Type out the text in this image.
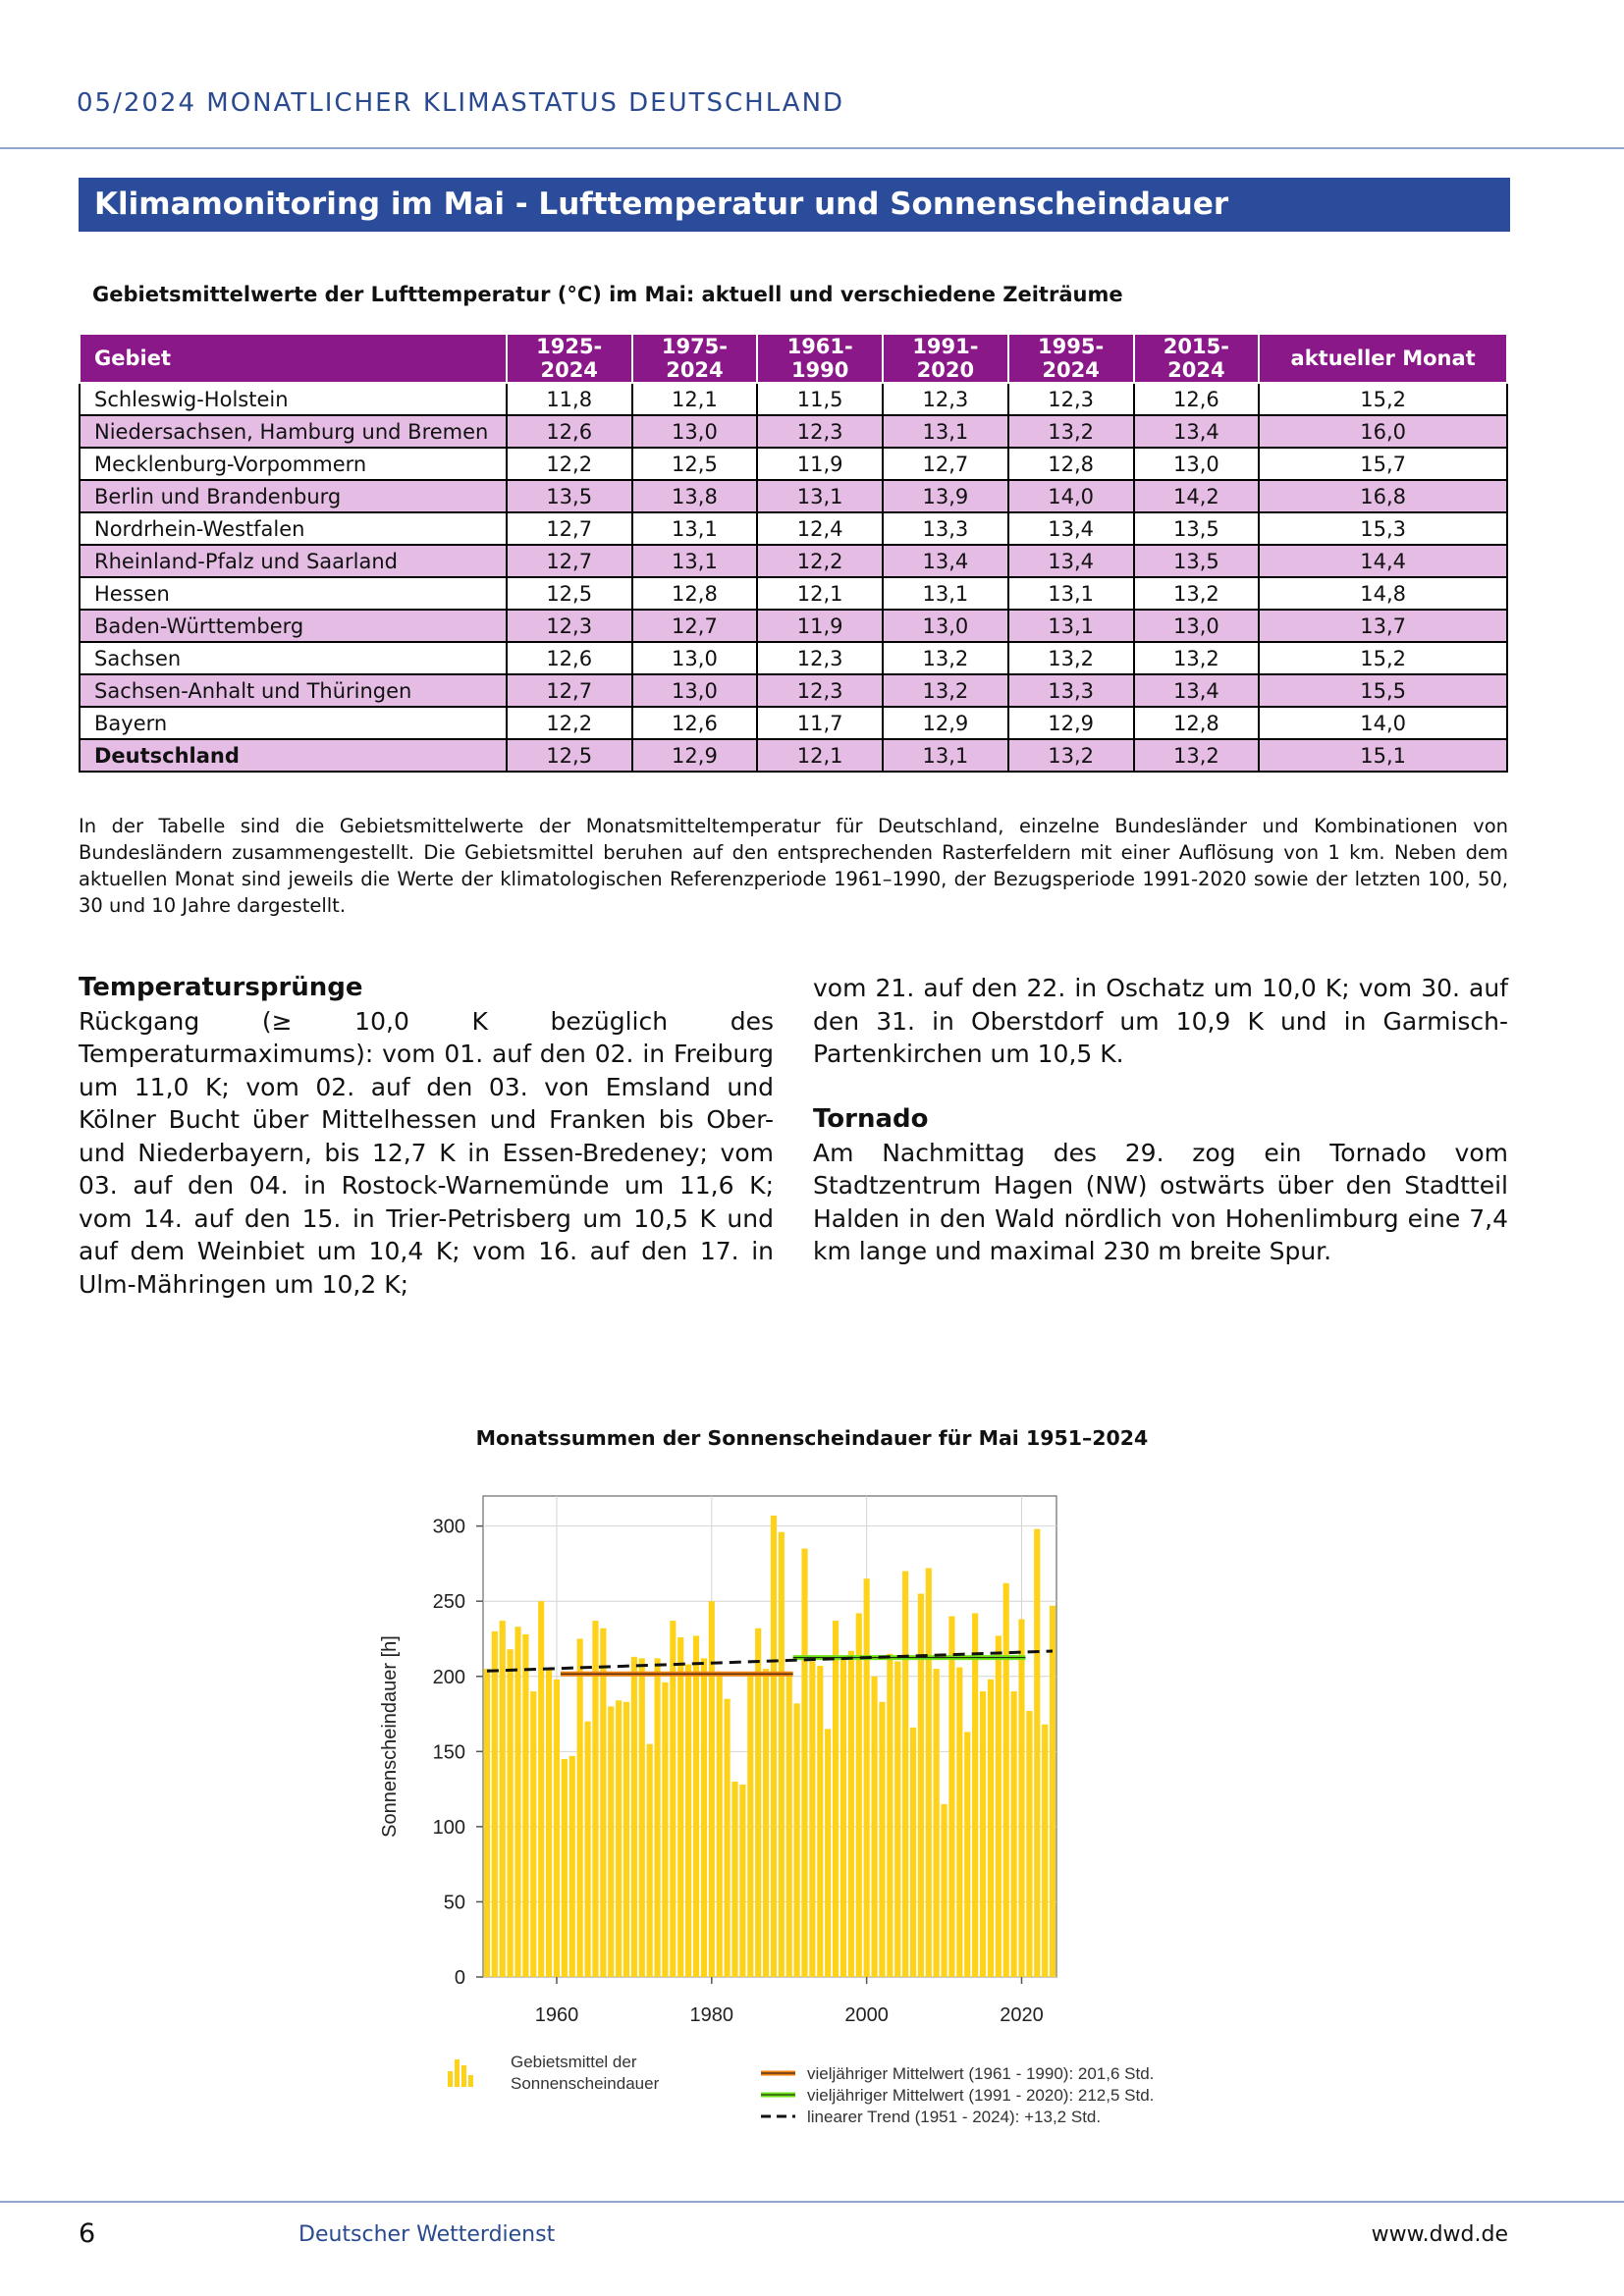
05/2024 MONATLICHER KLIMASTATUS DEUTSCHLAND
Klimamonitoring im Mai - Lufttemperatur und Sonnenscheindauer
Gebietsmittelwerte der Lufttemperatur (°C) im Mai: aktuell und verschiedene Zeiträume
Gebiet	1925-2024	1975-2024	1961-1990	1991-2020	1995-2024	2015-2024	aktueller Monat
Schleswig-Holstein	11,8	12,1	11,5	12,3	12,3	12,6	15,2
Niedersachsen, Hamburg und Bremen	12,6	13,0	12,3	13,1	13,2	13,4	16,0
Mecklenburg-Vorpommern	12,2	12,5	11,9	12,7	12,8	13,0	15,7
Berlin und Brandenburg	13,5	13,8	13,1	13,9	14,0	14,2	16,8
Nordrhein-Westfalen	12,7	13,1	12,4	13,3	13,4	13,5	15,3
Rheinland-Pfalz und Saarland	12,7	13,1	12,2	13,4	13,4	13,5	14,4
Hessen	12,5	12,8	12,1	13,1	13,1	13,2	14,8
Baden-Württemberg	12,3	12,7	11,9	13,0	13,1	13,0	13,7
Sachsen	12,6	13,0	12,3	13,2	13,2	13,2	15,2
Sachsen-Anhalt und Thüringen	12,7	13,0	12,3	13,2	13,3	13,4	15,5
Bayern	12,2	12,6	11,7	12,9	12,9	12,8	14,0
Deutschland	12,5	12,9	12,1	13,1	13,2	13,2	15,1
In der Tabelle sind die Gebietsmittelwerte der Monatsmitteltemperatur für Deutschland, einzelne Bundesländer und Kombinationen von Bundesländern zusammengestellt. Die Gebietsmittel beruhen auf den entsprechenden Rasterfeldern mit einer Auflösung von 1 km. Neben dem aktuellen Monat sind jeweils die Werte der klimatologischen Referenzperiode 1961–1990, der Bezugsperiode 1991-2020 sowie der letzten 100, 50, 30 und 10 Jahre dargestellt.
Temperatursprünge

Rückgang (≥ 10,0 K bezüglich des Temperaturmaximums): vom 01. auf den 02. in Freiburg um 11,0 K; vom 02. auf den 03. von Emsland und Kölner Bucht über Mittelhessen und Franken bis Ober- und Niederbayern, bis 12,7 K in Essen-Bredeney; vom 03. auf den 04. in Rostock-Warnemünde um 11,6 K; vom 14. auf den 15. in Trier-Petrisberg um 10,5 K und auf dem Weinbiet um 10,4 K; vom 16. auf den 17. in Ulm-Mähringen um 10,2 K;

vom 21. auf den 22. in Oschatz um 10,0 K; vom 30. auf den 31. in Oberstdorf um 10,9 K und in Garmisch-Partenkirchen um 10,5 K.

Tornado

Am Nachmittag des 29. zog ein Tornado vom Stadtzentrum Hagen (NW) ostwärts über den Stadtteil Halden in den Wald nördlich von Hohenlimburg eine 7,4 km lange und maximal 230 m breite Spur.

Monatssummen der Sonnenscheindauer für Mai 1951–2024
0
50
100
150
200
250
300
1960	1980	2000	2020
Sonnenscheindauer [h]
Gebietsmittel der Sonnenscheindauer
vieljähriger Mittelwert (1961 - 1990): 201,6 Std.
vieljähriger Mittelwert (1991 - 2020): 212,5 Std.
linearer Trend (1951 - 2024): +13,2 Std.
6	Deutscher Wetterdienst	www.dwd.de
